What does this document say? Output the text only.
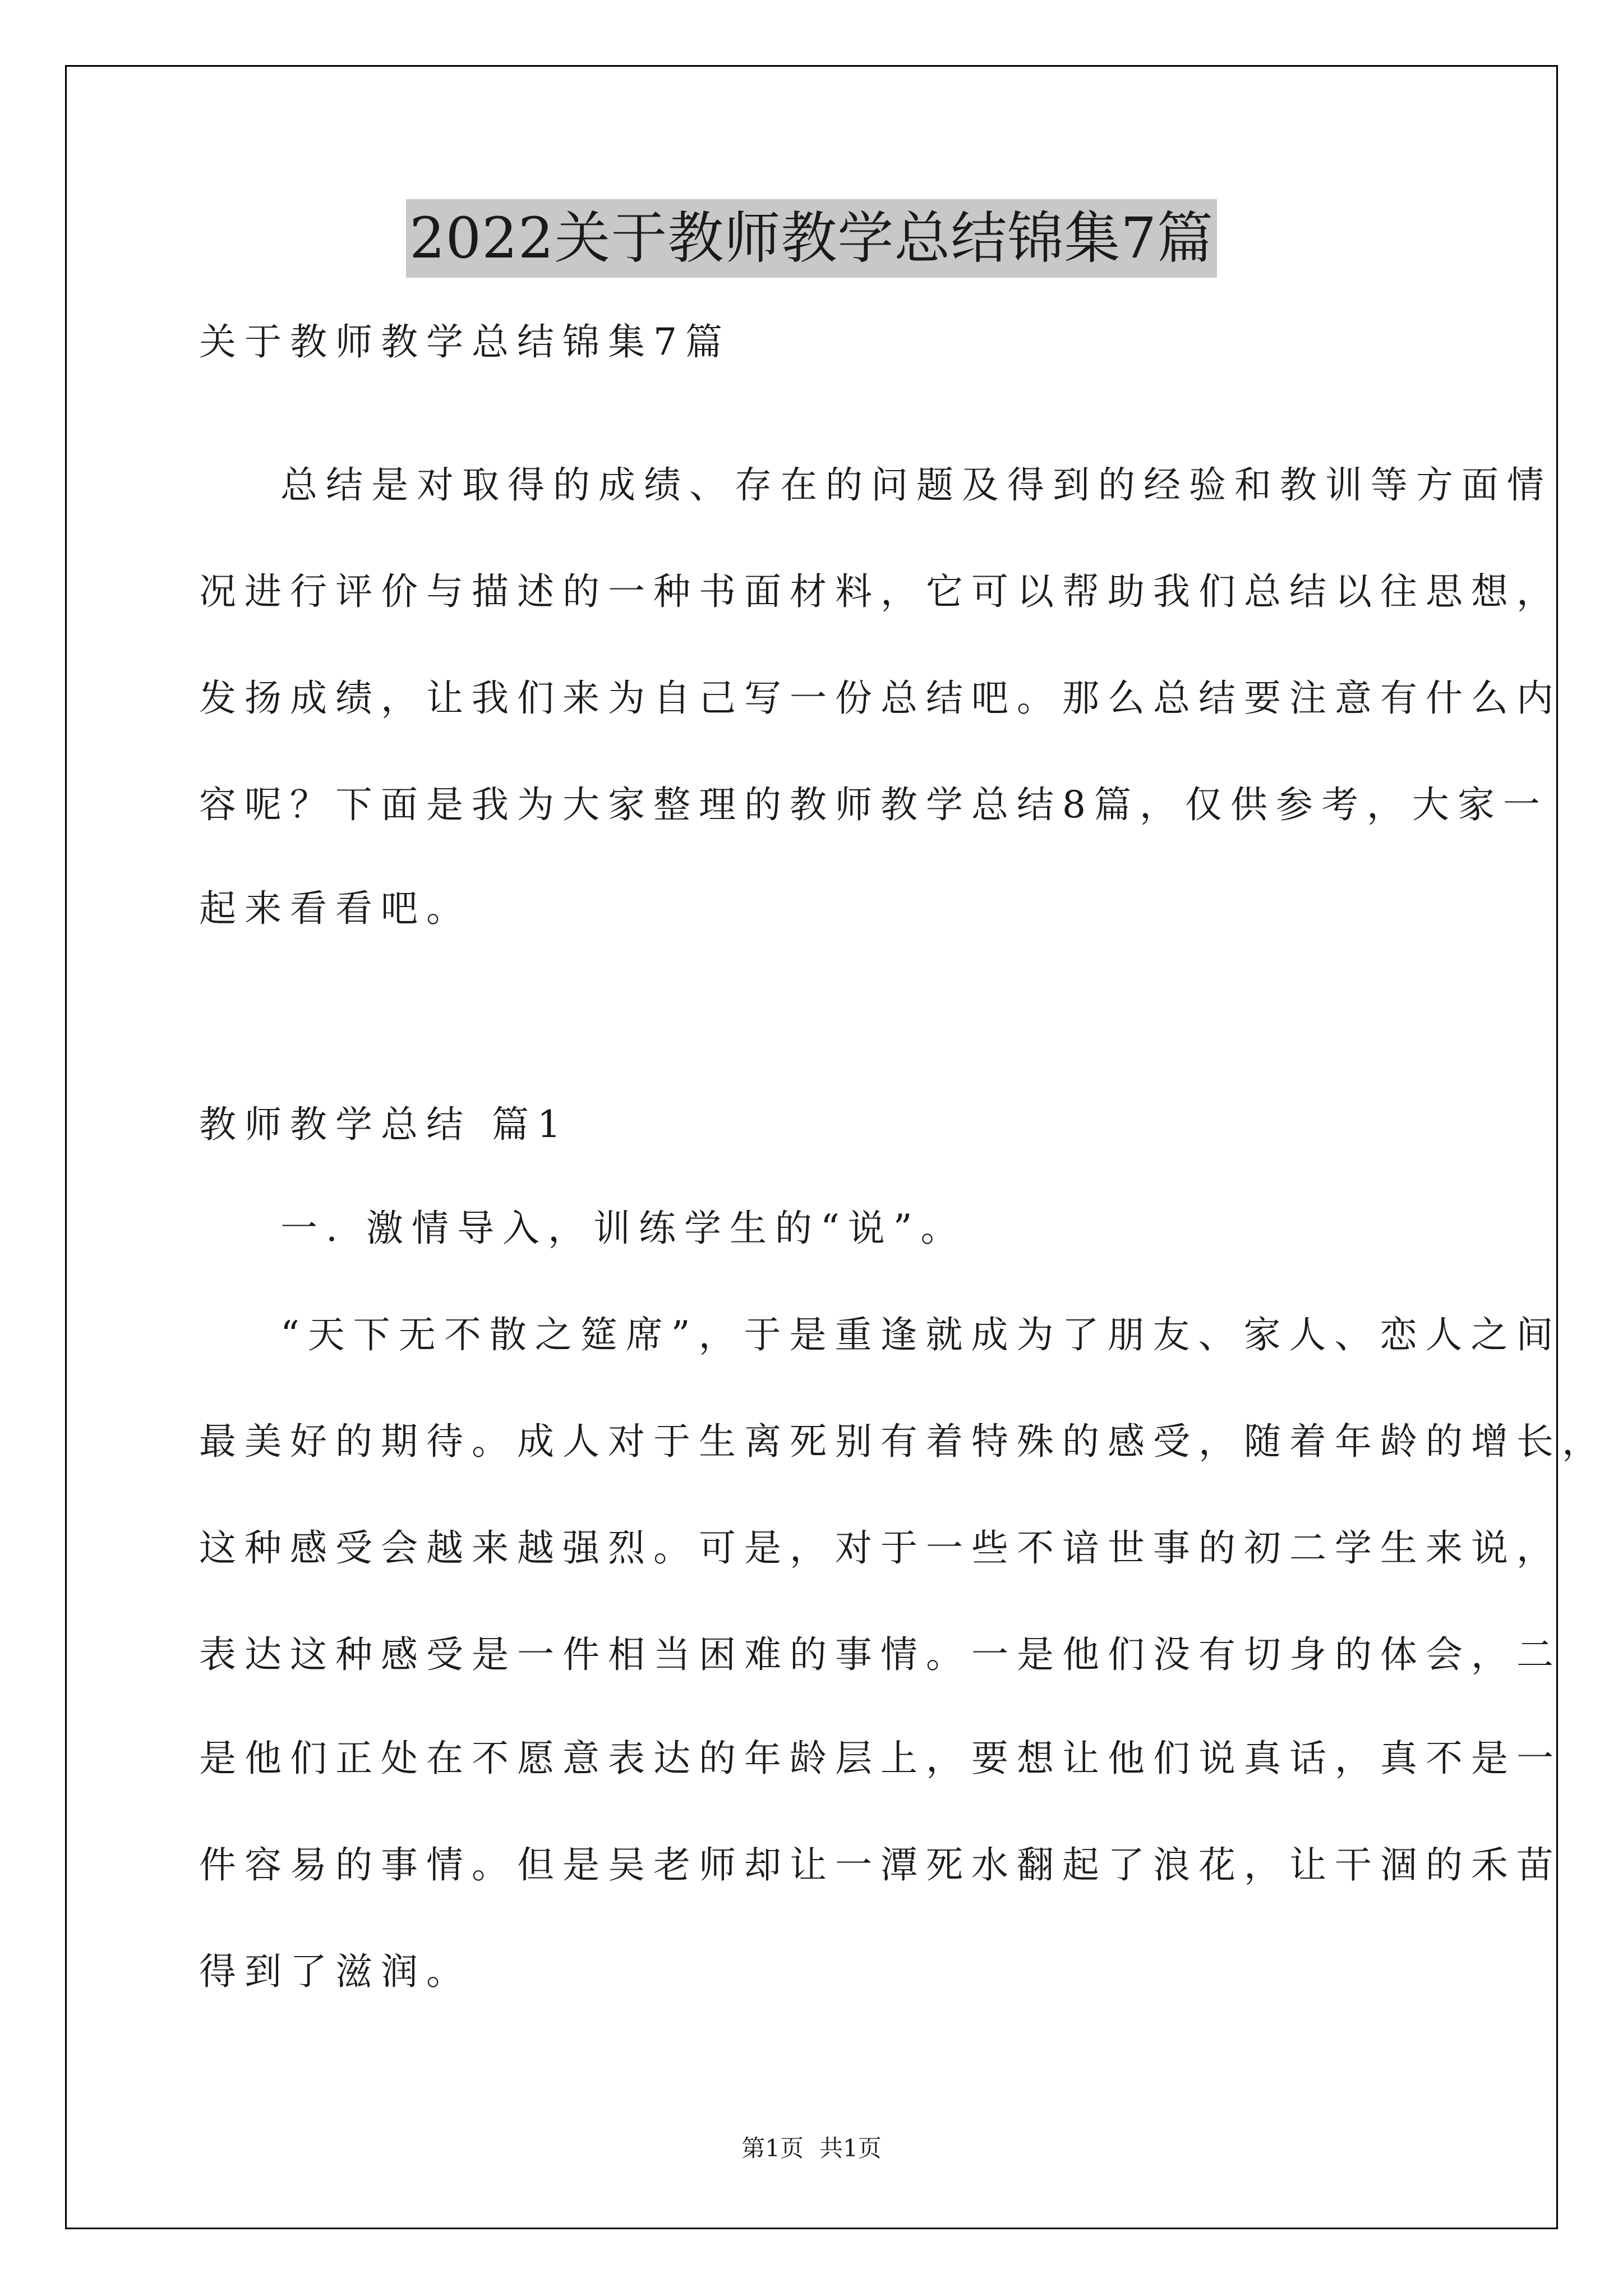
2022关于教师教学总结锦集7篇

关于教师教学总结锦集7篇

总结是对取得的成绩、存在的问题及得到的经验和教训等方面情

况进行评价与描述的一种书面材料，它可以帮助我们总结以往思想，

发扬成绩，让我们来为自己写一份总结吧。那么总结要注意有什么内

容呢？下面是我为大家整理的教师教学总结8篇，仅供参考，大家一

起来看看吧。

教师教学总结 篇1

一. 激情导入，训练学生的“说”。

“天下无不散之筵席”，于是重逢就成为了朋友、家人、恋人之间

最美好的期待。成人对于生离死别有着特殊的感受，随着年龄的增长，

这种感受会越来越强烈。可是，对于一些不谙世事的初二学生来说，

表达这种感受是一件相当困难的事情。一是他们没有切身的体会，二

是他们正处在不愿意表达的年龄层上，要想让他们说真话，真不是一

件容易的事情。但是吴老师却让一潭死水翻起了浪花，让干涸的禾苗

得到了滋润。

第1页 共1页
